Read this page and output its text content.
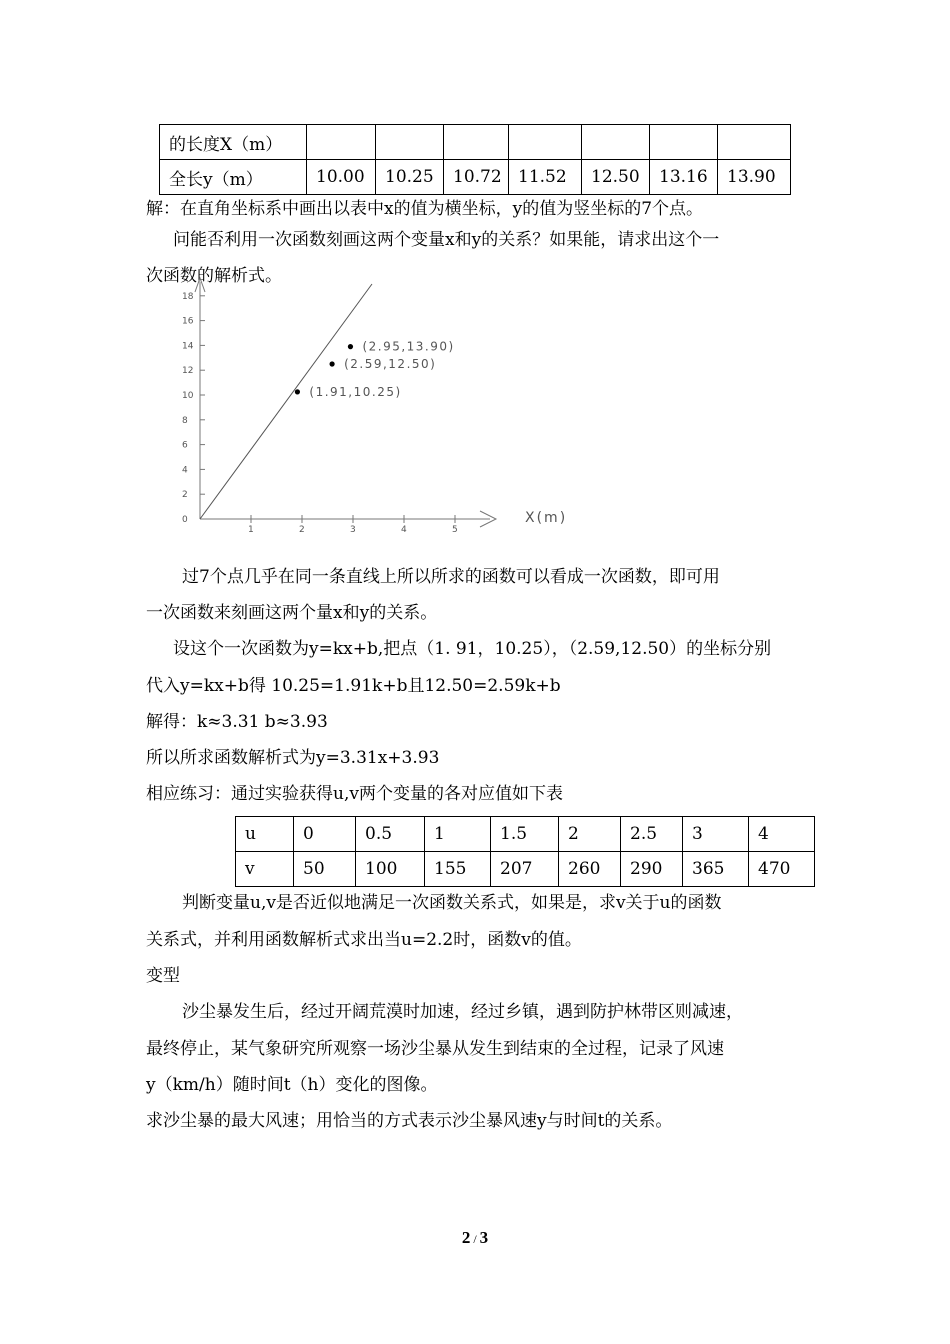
的长度X（m）							
全长y（m）	10.00	10.25	10.72	11.52	12.50	13.16	13.90
解：在直角坐标系中画出以表中x的值为横坐标，y的值为竖坐标的7个点。
问能否利用一次函数刻画这两个变量x和y的关系？如果能，请求出这个一
次函数的解析式。
1	2	3	4	5
0
2
4
6
8
10
12
14
16
18
(1.91,10.25)
(2.59,12.50)
(2.95,13.90)
X(m)
过7个点几乎在同一条直线上所以所求的函数可以看成一次函数，即可用
一次函数来刻画这两个量x和y的关系。
设这个一次函数为y=kx+b,把点（1. 91，10.25），（2.59,12.50）的坐标分别
代入y=kx+b得 10.25=1.91k+b且12.50=2.59k+b
解得：k≈3.31 b≈3.93
所以所求函数解析式为y=3.31x+3.93
相应练习：通过实验获得u,v两个变量的各对应值如下表
u	0	0.5	1	1.5	2	2.5	3	4
v	50	100	155	207	260	290	365	470
判断变量u,v是否近似地满足一次函数关系式，如果是，求v关于u的函数
关系式，并利用函数解析式求出当u=2.2时，函数v的值。
变型
沙尘暴发生后，经过开阔荒漠时加速，经过乡镇，遇到防护林带区则减速，
最终停止，某气象研究所观察一场沙尘暴从发生到结束的全过程，记录了风速
y（km/h）随时间t（h）变化的图像。
求沙尘暴的最大风速；用恰当的方式表示沙尘暴风速y与时间t的关系。
2 / 3
